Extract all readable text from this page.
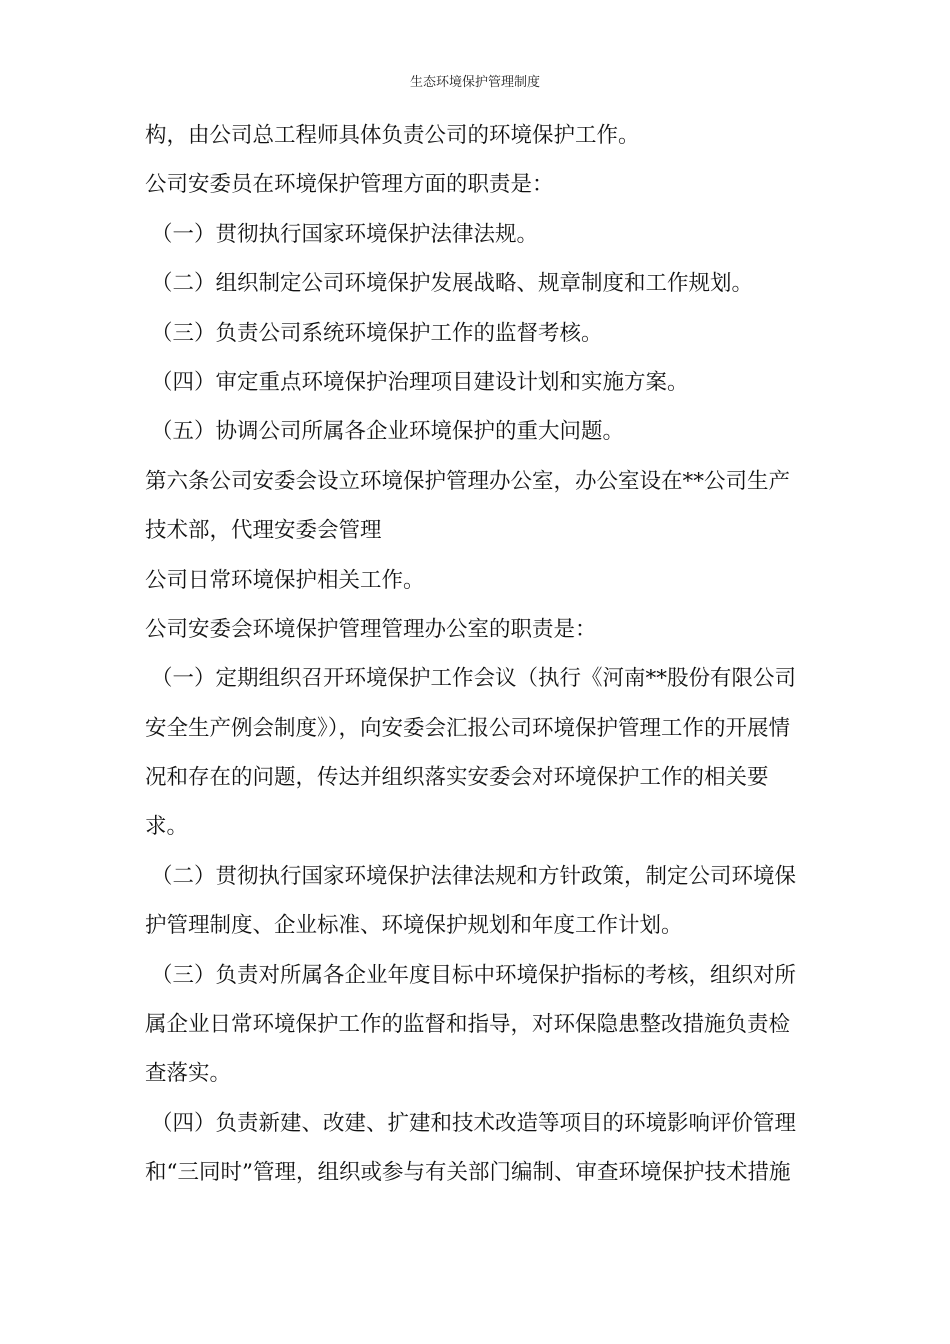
生态环境保护管理制度
构，由公司总工程师具体负责公司的环境保护工作。
公司安委员在环境保护管理方面的职责是：
（一）贯彻执行国家环境保护法律法规。
（二）组织制定公司环境保护发展战略、规章制度和工作规划。
（三）负责公司系统环境保护工作的监督考核。
（四）审定重点环境保护治理项目建设计划和实施方案。
（五）协调公司所属各企业环境保护的重大问题。
第六条公司安委会设立环境保护管理办公室，办公室设在**公司生产
技术部，代理安委会管理
公司日常环境保护相关工作。
公司安委会环境保护管理管理办公室的职责是：
（一）定期组织召开环境保护工作会议（执行《河南**股份有限公司
安全生产例会制度》），向安委会汇报公司环境保护管理工作的开展情
况和存在的问题，传达并组织落实安委会对环境保护工作的相关要
求。
（二）贯彻执行国家环境保护法律法规和方针政策，制定公司环境保
护管理制度、企业标准、环境保护规划和年度工作计划。
（三）负责对所属各企业年度目标中环境保护指标的考核，组织对所
属企业日常环境保护工作的监督和指导，对环保隐患整改措施负责检
查落实。
（四）负责新建、改建、扩建和技术改造等项目的环境影响评价管理
和“三同时”管理，组织或参与有关部门编制、审查环境保护技术措施
